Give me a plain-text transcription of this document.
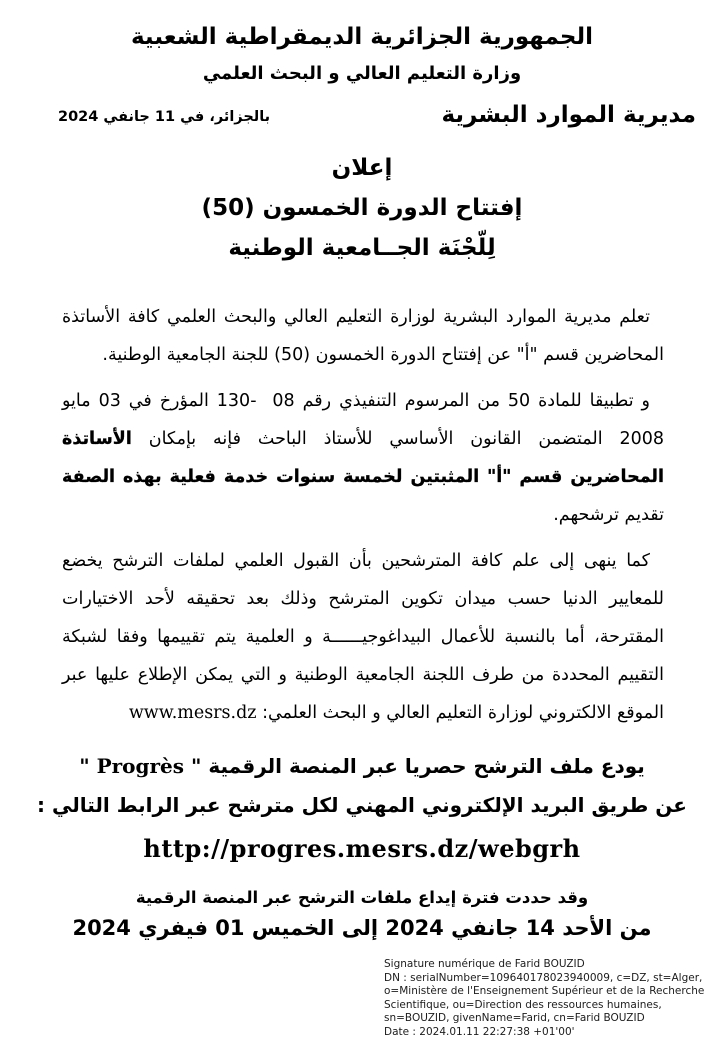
الجمهورية الجزائرية الديمقراطية الشعبية
وزارة التعليم العالي و البحث العلمي
مديرية الموارد البشرية
بالجزائر، في 11 جانفي 2024
إعلان
إفتتاح الدورة الخمسون (50)
لِلّجْنَة الجــامعية الوطنية

تعلم مديرية الموارد البشرية لوزارة التعليم العالي والبحث العلمي كافة الأساتذة المحاضرين قسم "أ" عن إفتتاح الدورة الخمسون (50) للجنة الجامعية الوطنية.

و تطبيقا للمادة 50 من المرسوم التنفيذي رقم 08  -130 المؤرخ في 03 مايو 2008 المتضمن القانون الأساسي للأستاذ الباحث فإنه بإمكان الأساتذة المحاضرين قسم "أ" المثبتين لخمسة سنوات خدمة فعلية بهذه الصفة تقديم ترشحهم.

كما ينهى إلى علم كافة المترشحين بأن القبول العلمي لملفات الترشح يخضع للمعايير الدنيا حسب ميدان تكوين المترشح وذلك بعد تحقيقه لأحد الاختيارات المقترحة، أما بالنسبة للأعمال البيداغوجيــــــة و العلمية يتم تقييمها وفقا لشبكة التقييم المحددة من طرف اللجنة الجامعية الوطنية و التي يمكن الإطلاع عليها عبر الموقع الالكتروني لوزارة التعليم العالي و البحث العلمي: www.mesrs.dz

يودع ملف الترشح حصريا عبر المنصة الرقمية " Progrès "
عن طريق البريد الإلكتروني المهني لكل مترشح عبر الرابط التالي :
http://progres.mesrs.dz/webgrh
وقد حددت فترة إيداع ملفات الترشح عبر المنصة الرقمية
من الأحد 14 جانفي 2024 إلى الخميس 01 فيفري 2024
Signature numérique de Farid BOUZID
DN : serialNumber=109640178023940009, c=DZ, st=Alger,
o=Ministère de l'Enseignement Supérieur et de la Recherche
Scientifique, ou=Direction des ressources humaines,
sn=BOUZID, givenName=Farid, cn=Farid BOUZID
Date : 2024.01.11 22:27:38 +01'00'
